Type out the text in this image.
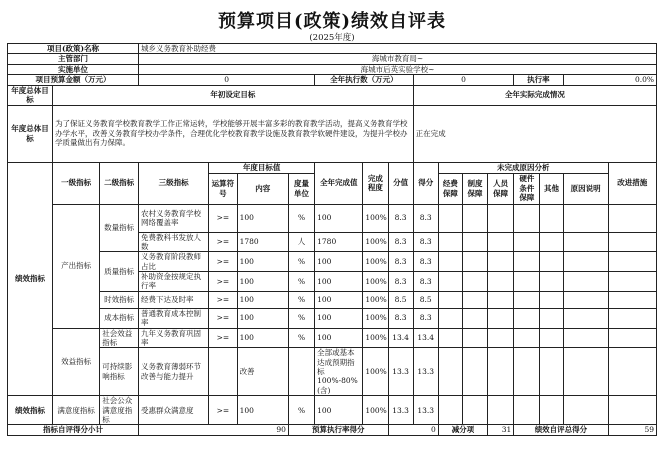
预算项目(政策)绩效自评表
(2025年度)
项目(政策)名称			城乡义务教育补助经费														
主管部门			海城市教育局~														
实施单位			海城市后英实验学校~														
项目预算金额（万元）			0				全年执行数（万元）			0				执行率		0.0%	
年度总体目标	年初设定目标									全年实际完成情况							
年度总体目标	为了保证义务教育学校教育教学工作正常运转，学校能够开展丰富多彩的教育教学活动，提高义务教育学校办学水平，改善义务教育学校办学条件，合理优化学校教育教学设施及教育教学软硬件建设，为提升学校办学质量做出有力保障。									正在完成							
绩效指标	一级指标	二级指标	三级指标	年度目标值			全年完成值	完成程度	分值	得分	未完成原因分析						改进措施
				运算符号	内容	度量单位					经费保障	制度保障	人员保障	硬件条件保障	其他	原因说明	
	产出指标	数量指标	农村义务教育学校网络覆盖率	>=	100	%	100	100%	8.3	8.3							
			免费教科书发放人数	>=	1780	人	1780	100%	8.3	8.3							
		质量指标	义务教育阶段教师占比	>=	100	%	100	100%	8.3	8.3							
			补助资金按规定执行率	>=	100	%	100	100%	8.3	8.3							
		时效指标	经费下达及时率	>=	100	%	100	100%	8.5	8.5							
		成本指标	普通教育成本控制率	>=	100	%	100	100%	8.3	8.3							
	效益指标	社会效益指标	九年义务教育巩固率	>=	100	%	100	100%	13.4	13.4							
		可持续影响指标	义务教育薄弱环节改善与能力提升		改善		全部或基本达成预期指标100%-80%(含)	100%	13.3	13.3							
绩效指标	满意度指标	社会公众满意度指标	受惠群众满意度	>=	100	%	100	100%	13.3	13.3							
指标自评得分小计			90			预算执行率得分			0		减分项		31	绩效自评总得分			59
